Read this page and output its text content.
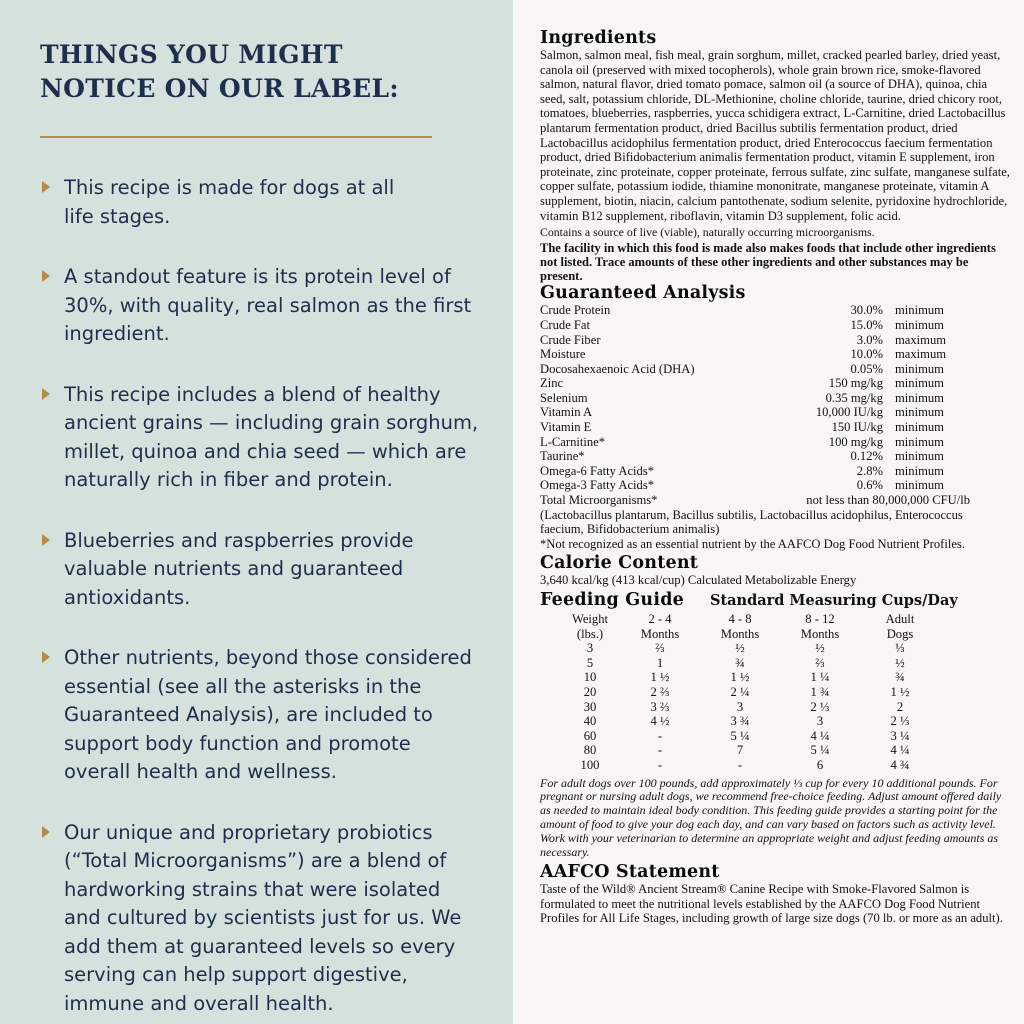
THINGS YOU MIGHT
NOTICE ON OUR LABEL:
This recipe is made for dogs at all life stages.
A standout feature is its protein level of 30%, with quality, real salmon as the first ingredient.
This recipe includes a blend of healthy ancient grains — including grain sorghum, millet, quinoa and chia seed — which are naturally rich in fiber and protein.
Blueberries and raspberries provide valuable nutrients and guaranteed antioxidants.
Other nutrients, beyond those considered essential (see all the asterisks in the Guaranteed Analysis), are included to support body function and promote overall health and wellness.
Our unique and proprietary probiotics (“Total Microorganisms”) are a blend of hardworking strains that were isolated and cultured by scientists just for us. We add them at guaranteed levels so every serving can help support digestive, immune and overall health.
Ingredients
Salmon, salmon meal, fish meal, grain sorghum, millet, cracked pearled barley, dried yeast, canola oil (preserved with mixed tocopherols), whole grain brown rice, smoke-flavored salmon, natural flavor, dried tomato pomace, salmon oil (a source of DHA), quinoa, chia seed, salt, potassium chloride, DL-Methionine, choline chloride, taurine, dried chicory root, tomatoes, blueberries, raspberries, yucca schidigera extract, L-Carnitine, dried Lactobacillus plantarum fermentation product, dried Bacillus subtilis fermentation product, dried Lactobacillus acidophilus fermentation product, dried Enterococcus faecium fermentation product, dried Bifidobacterium animalis fermentation product, vitamin E supplement, iron proteinate, zinc proteinate, copper proteinate, ferrous sulfate, zinc sulfate, manganese sulfate, copper sulfate, potassium iodide, thiamine mononitrate, manganese proteinate, vitamin A supplement, biotin, niacin, calcium pantothenate, sodium selenite, pyridoxine hydrochloride, vitamin B12 supplement, riboflavin, vitamin D3 supplement, folic acid.
Contains a source of live (viable), naturally occurring microorganisms.
The facility in which this food is made also makes foods that include other ingredients not listed. Trace amounts of these other ingredients and other substances may be present.
Guaranteed Analysis
Crude Protein	30.0% minimum
Crude Fat	15.0% minimum
Crude Fiber	3.0% maximum
Moisture	10.0% maximum
Docosahexaenoic Acid (DHA)	0.05% minimum
Zinc	150 mg/kg minimum
Selenium	0.35 mg/kg minimum
Vitamin A	10,000 IU/kg minimum
Vitamin E	150 IU/kg minimum
L-Carnitine*	100 mg/kg minimum
Taurine*	0.12% minimum
Omega-6 Fatty Acids*	2.8% minimum
Omega-3 Fatty Acids*	0.6% minimum
Total Microorganisms*	not less than 80,000,000 CFU/lb
(Lactobacillus plantarum, Bacillus subtilis, Lactobacillus acidophilus, Enterococcus faecium, Bifidobacterium animalis)
*Not recognized as an essential nutrient by the AAFCO Dog Food Nutrient Profiles.
Calorie Content
3,640 kcal/kg (413 kcal/cup) Calculated Metabolizable Energy
Feeding Guide Standard Measuring Cups/Day
Weight	2 - 4	4 - 8	8 - 12	Adult
(lbs.)	Months	Months	Months	Dogs
3	⅔	½	½	⅓
5	1	¾	⅔	½
10	1 ½	1 ½	1 ¼	¾
20	2 ⅔	2 ¼	1 ¾	1 ½
30	3 ⅔	3	2 ⅓	2
40	4 ½	3 ¾	3	2 ⅓
60	-	5 ¼	4 ¼	3 ¼
80	-	7	5 ¼	4 ¼
100	-	-	6	4 ¾
For adult dogs over 100 pounds, add approximately ⅓ cup for every 10 additional pounds. For pregnant or nursing adult dogs, we recommend free-choice feeding. Adjust amount offered daily as needed to maintain ideal body condition. This feeding guide provides a starting point for the amount of food to give your dog each day, and can vary based on factors such as activity level. Work with your veterinarian to determine an appropriate weight and adjust feeding amounts as necessary.
AAFCO Statement
Taste of the Wild® Ancient Stream® Canine Recipe with Smoke-Flavored Salmon is formulated to meet the nutritional levels established by the AAFCO Dog Food Nutrient Profiles for All Life Stages, including growth of large size dogs (70 lb. or more as an adult).
